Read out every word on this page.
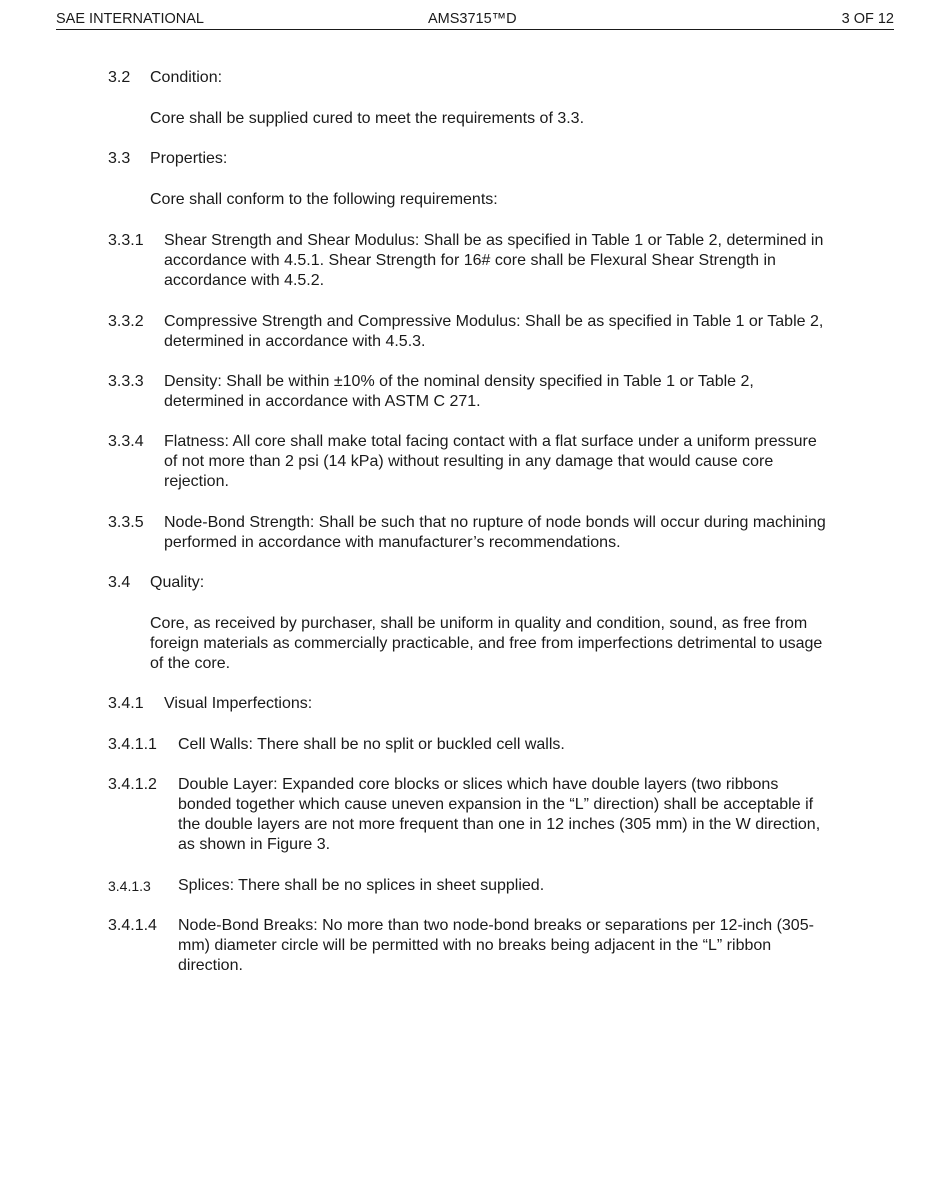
SAE INTERNATIONAL	AMS3715™D	3 OF 12
3.2 Condition:
Core shall be supplied cured to meet the requirements of 3.3.
3.3 Properties:
Core shall conform to the following requirements:
3.3.1 Shear Strength and Shear Modulus: Shall be as specified in Table 1 or Table 2, determined in
accordance with 4.5.1. Shear Strength for 16# core shall be Flexural Shear Strength in
accordance with 4.5.2.
3.3.2 Compressive Strength and Compressive Modulus: Shall be as specified in Table 1 or Table 2,
determined in accordance with 4.5.3.
3.3.3 Density: Shall be within ±10% of the nominal density specified in Table 1 or Table 2,
determined in accordance with ASTM C 271.
3.3.4 Flatness: All core shall make total facing contact with a flat surface under a uniform pressure
of not more than 2 psi (14 kPa) without resulting in any damage that would cause core
rejection.
3.3.5 Node-Bond Strength: Shall be such that no rupture of node bonds will occur during machining
performed in accordance with manufacturer’s recommendations.
3.4 Quality:
Core, as received by purchaser, shall be uniform in quality and condition, sound, as free from
foreign materials as commercially practicable, and free from imperfections detrimental to usage
of the core.
3.4.1 Visual Imperfections:
3.4.1.1 Cell Walls: There shall be no split or buckled cell walls.
3.4.1.2 Double Layer: Expanded core blocks or slices which have double layers (two ribbons
bonded together which cause uneven expansion in the “L” direction) shall be acceptable if
the double layers are not more frequent than one in 12 inches (305 mm) in the W direction,
as shown in Figure 3.
3.4.1.3 Splices: There shall be no splices in sheet supplied.
3.4.1.4 Node-Bond Breaks: No more than two node-bond breaks or separations per 12-inch (305-
mm) diameter circle will be permitted with no breaks being adjacent in the “L” ribbon
direction.
